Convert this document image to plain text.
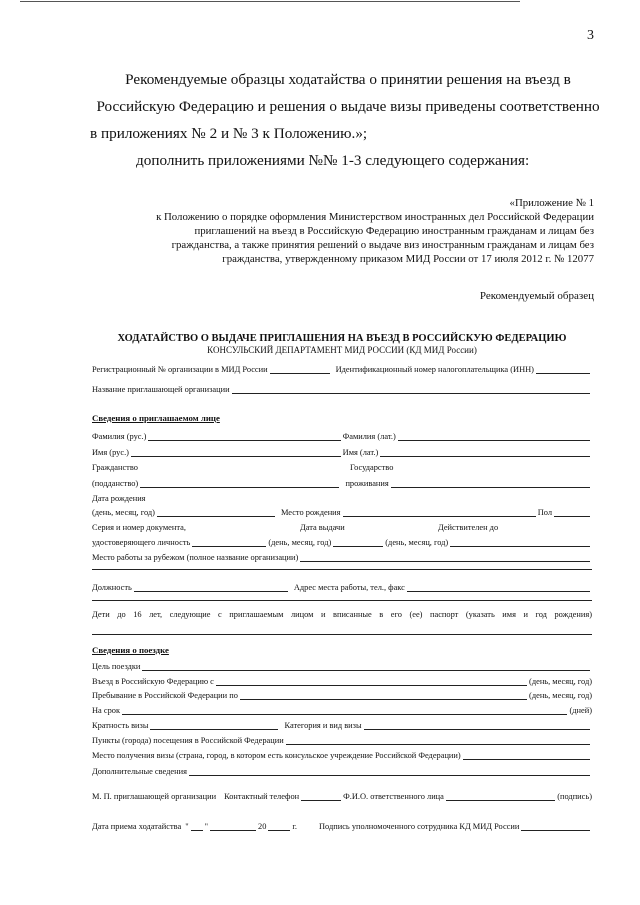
3
Рекомендуемые образцы ходатайства о принятии решения на въезд в
Российскую Федерацию и решения о выдаче визы приведены соответственно
в приложениях № 2 и № 3 к Положению.»;
дополнить приложениями №№ 1-3 следующего содержания:
«Приложение № 1
к Положению о порядке оформления Министерством иностранных дел Российской Федерации
приглашений на въезд в Российскую Федерацию иностранным гражданам и лицам без
гражданства, а также принятия решений о выдаче виз иностранным гражданам и лицам без
гражданства, утвержденному приказом МИД России от 17 июля 2012 г. № 12077
Рекомендуемый образец
ХОДАТАЙСТВО О ВЫДАЧЕ ПРИГЛАШЕНИЯ НА ВЪЕЗД В РОССИЙСКУЮ ФЕДЕРАЦИЮ
КОНСУЛЬСКИЙ ДЕПАРТАМЕНТ МИД РОССИИ (КД МИД России)
Регистрационный № организации в МИД России	Идентификационный номер налогоплательщика (ИНН)
Название приглашающей организации
Сведения о приглашаемом лице
Фамилия (рус.)	Фамилия (лат.)
Имя (рус.)	Имя (лат.)
Гражданство	Государство
(подданство)	проживания
Дата рождения
(день, месяц, год)	Место рождения	Пол
Серия и номер документа,	Дата выдачи	Действителен до
удостоверяющего личность	(день, месяц, год)	(день, месяц, год)
Место работы за рубежом (полное название организации)
Должность	Адрес места работы, тел., факс
Дети до 16 лет, следующие с приглашаемым лицом и вписанные в его (ее) паспорт (указать имя и год рождения)
Сведения о поездке
Цель поездки
Въезд в Российскую Федерацию с	(день, месяц, год)
Пребывание в Российской Федерации по	(день, месяц, год)
На срок	(дней)
Кратность визы	Категория и вид визы
Пункты (города) посещения в Российской Федерации
Место получения визы (страна, город, в котором есть консульское учреждение Российской Федерации)
Дополнительные сведения
М. П. приглашающей организации Контактный телефон	Ф.И.О. ответственного лица	(подпись)
Дата приема ходатайства " "	20	г.	Подпись уполномоченного сотрудника КД МИД России
